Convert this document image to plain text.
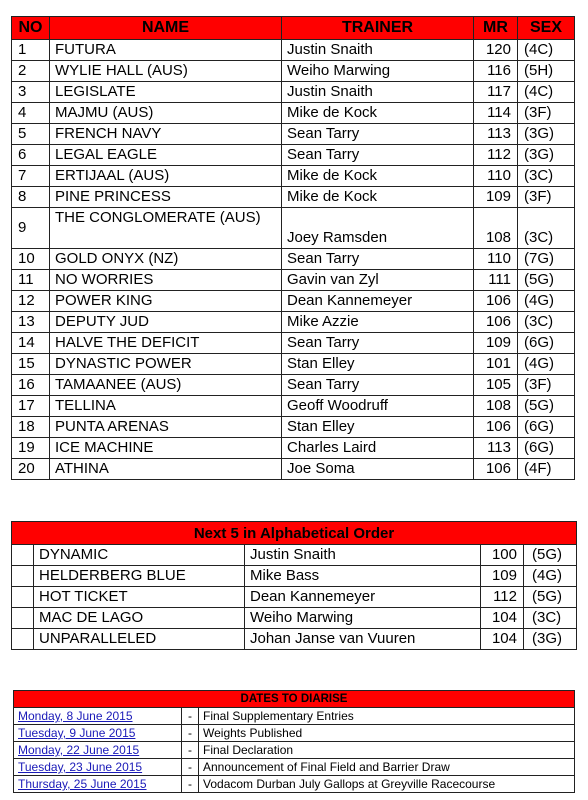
NO	NAME	TRAINER	MR	SEX
1	FUTURA	Justin Snaith	120	(4C)
2	WYLIE HALL (AUS)	Weiho Marwing	116	(5H)
3	LEGISLATE	Justin Snaith	117	(4C)
4	MAJMU (AUS)	Mike de Kock	114	(3F)
5	FRENCH NAVY	Sean Tarry	113	(3G)
6	LEGAL EAGLE	Sean Tarry	112	(3G)
7	ERTIJAAL (AUS)	Mike de Kock	110	(3C)
8	PINE PRINCESS	Mike de Kock	109	(3F)
9	THE CONGLOMERATE (AUS)	Joey Ramsden	108	(3C)
10	GOLD ONYX (NZ)	Sean Tarry	110	(7G)
11	NO WORRIES	Gavin van Zyl	111	(5G)
12	POWER KING	Dean Kannemeyer	106	(4G)
13	DEPUTY JUD	Mike Azzie	106	(3C)
14	HALVE THE DEFICIT	Sean Tarry	109	(6G)
15	DYNASTIC POWER	Stan Elley	101	(4G)
16	TAMAANEE (AUS)	Sean Tarry	105	(3F)
17	TELLINA	Geoff Woodruff	108	(5G)
18	PUNTA ARENAS	Stan Elley	106	(6G)
19	ICE MACHINE	Charles Laird	113	(6G)
20	ATHINA	Joe Soma	106	(4F)
Next 5 in Alphabetical Order				
	DYNAMIC	Justin Snaith	100	(5G)
	HELDERBERG BLUE	Mike Bass	109	(4G)
	HOT TICKET	Dean Kannemeyer	112	(5G)
	MAC DE LAGO	Weiho Marwing	104	(3C)
	UNPARALLELED	Johan Janse van Vuuren	104	(3G)
DATES TO DIARISE		
Monday, 8 June 2015	-	Final Supplementary Entries
Tuesday, 9 June 2015	-	Weights Published
Monday, 22 June 2015	-	Final Declaration
Tuesday, 23 June 2015	-	Announcement of Final Field and Barrier Draw
Thursday, 25 June 2015	-	Vodacom Durban July Gallops at Greyville Racecourse
